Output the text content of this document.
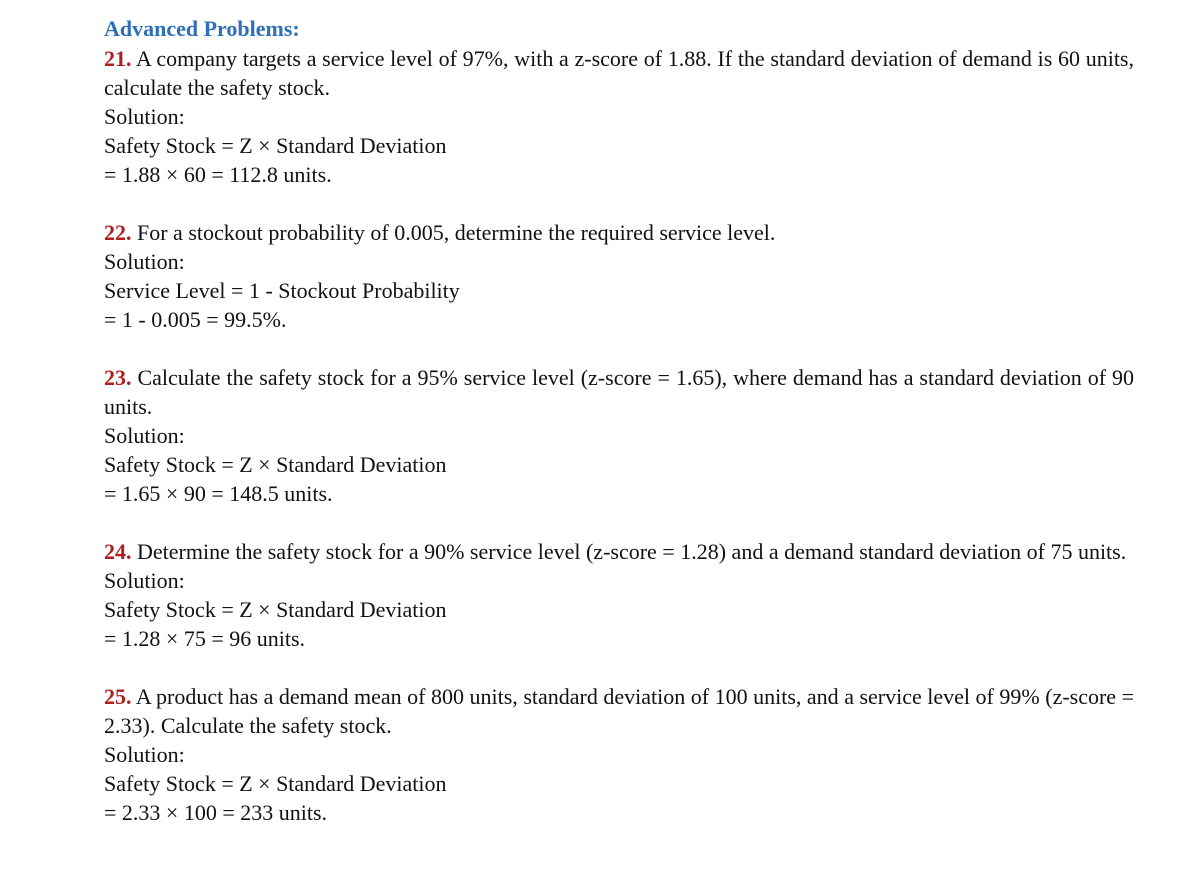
Advanced Problems:

21. A company targets a service level of 97%, with a z-score of 1.88. If the standard deviation of demand is 60 units, calculate the safety stock.

Solution:

Safety Stock = Z × Standard Deviation

= 1.88 × 60 = 112.8 units.

22. For a stockout probability of 0.005, determine the required service level.

Solution:

Service Level = 1 - Stockout Probability

= 1 - 0.005 = 99.5%.

23. Calculate the safety stock for a 95% service level (z-score = 1.65), where demand has a standard deviation of 90 units.

Solution:

Safety Stock = Z × Standard Deviation

= 1.65 × 90 = 148.5 units.

24. Determine the safety stock for a 90% service level (z-score = 1.28) and a demand standard deviation of 75 units.

Solution:

Safety Stock = Z × Standard Deviation

= 1.28 × 75 = 96 units.

25. A product has a demand mean of 800 units, standard deviation of 100 units, and a service level of 99% (z-score = 2.33). Calculate the safety stock.

Solution:

Safety Stock = Z × Standard Deviation

= 2.33 × 100 = 233 units.
